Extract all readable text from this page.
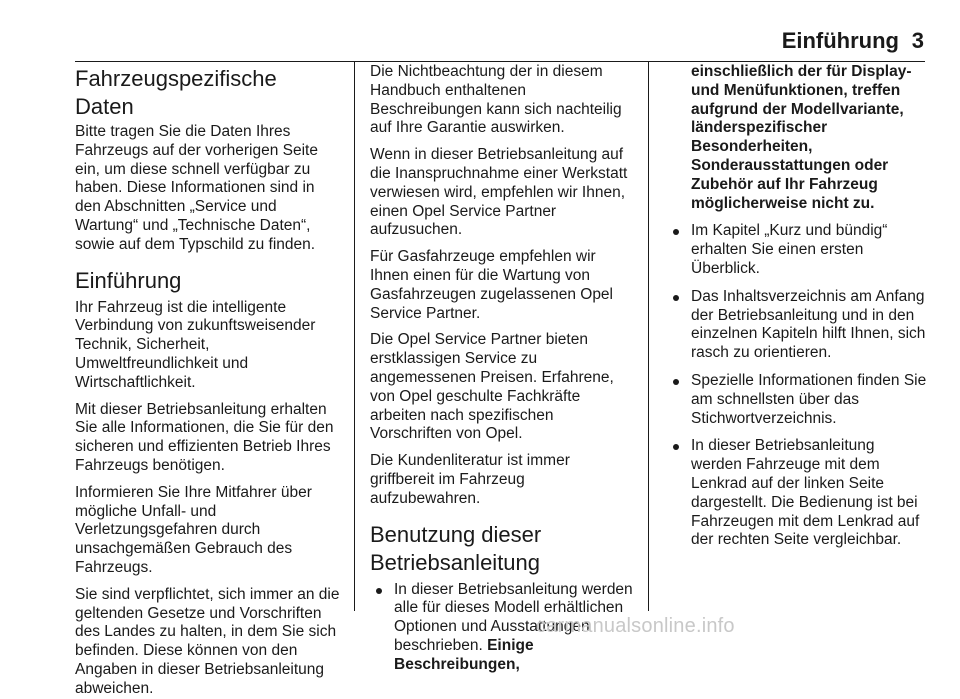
Einführung 3
Fahrzeugspezifische Daten

Bitte tragen Sie die Daten Ihres Fahrzeugs auf der vorherigen Seite ein, um diese schnell verfügbar zu haben. Diese Informationen sind in den Abschnitten „Service und Wartung“ und „Technische Daten“, sowie auf dem Typschild zu finden.

Einführung

Ihr Fahrzeug ist die intelligente Verbindung von zukunftsweisender Technik, Sicherheit, Umweltfreundlichkeit und Wirtschaftlichkeit.

Mit dieser Betriebsanleitung erhalten Sie alle Informationen, die Sie für den sicheren und effizienten Betrieb Ihres Fahrzeugs benötigen.

Informieren Sie Ihre Mitfahrer über mögliche Unfall- und Verletzungsgefahren durch unsachgemäßen Gebrauch des Fahrzeugs.

Sie sind verpflichtet, sich immer an die geltenden Gesetze und Vorschriften des Landes zu halten, in dem Sie sich befinden. Diese können von den Angaben in dieser Betriebsanleitung abweichen.

Die Nichtbeachtung der in diesem Handbuch enthaltenen Beschreibungen kann sich nachteilig auf Ihre Garantie auswirken.

Wenn in dieser Betriebsanleitung auf die Inanspruchnahme einer Werkstatt verwiesen wird, empfehlen wir Ihnen, einen Opel Service Partner aufzusuchen.

Für Gasfahrzeuge empfehlen wir Ihnen einen für die Wartung von Gasfahrzeugen zugelassenen Opel Service Partner.

Die Opel Service Partner bieten erstklassigen Service zu angemessenen Preisen. Erfahrene, von Opel geschulte Fachkräfte arbeiten nach spezifischen Vorschriften von Opel.

Die Kundenliteratur ist immer griffbereit im Fahrzeug aufzubewahren.

Benutzung dieser Betriebsanleitung
In dieser Betriebsanleitung werden alle für dieses Modell erhältlichen Optionen und Ausstattungen beschrieben. Einige Beschreibungen,
einschließlich der für Display- und Menüfunktionen, treffen aufgrund der Modellvariante, länderspezifischer Besonderheiten, Sonderausstattungen oder Zubehör auf Ihr Fahrzeug möglicherweise nicht zu.
Im Kapitel „Kurz und bündig“ erhalten Sie einen ersten Überblick.
Das Inhaltsverzeichnis am Anfang der Betriebsanleitung und in den einzelnen Kapiteln hilft Ihnen, sich rasch zu orientieren.
Spezielle Informationen finden Sie am schnellsten über das Stichwortverzeichnis.
In dieser Betriebsanleitung werden Fahrzeuge mit dem Lenkrad auf der linken Seite dargestellt. Die Bedienung ist bei Fahrzeugen mit dem Lenkrad auf der rechten Seite vergleichbar.
carmanualsonline.info
